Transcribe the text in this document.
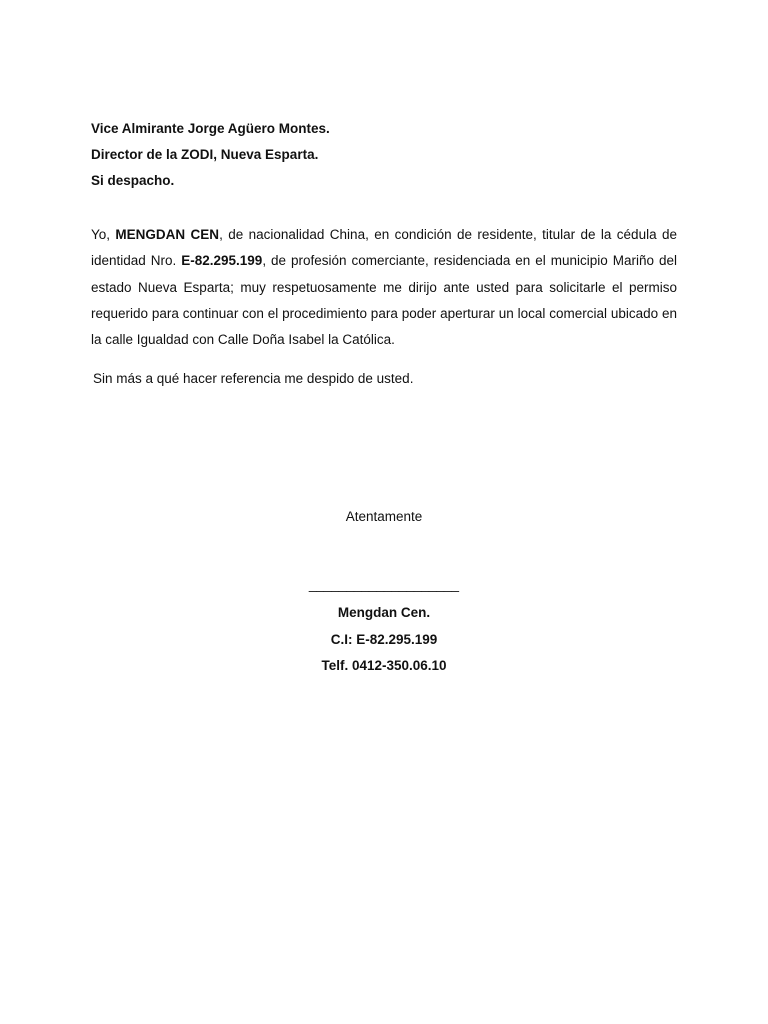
Vice Almirante Jorge Agüero Montes.
Director de la ZODI, Nueva Esparta.
Si despacho.
Yo, MENGDAN CEN, de nacionalidad China, en condición de residente, titular de la cédula de identidad Nro. E-82.295.199, de profesión comerciante, residenciada en el municipio Mariño del estado Nueva Esparta; muy respetuosamente me dirijo ante usted para solicitarle el permiso requerido para continuar con el procedimiento para poder aperturar un local comercial ubicado en la calle Igualdad con Calle Doña Isabel la Católica.
Sin más a qué hacer referencia me despido de usted.
Atentamente
____________________
Mengdan Cen.
C.I: E-82.295.199
Telf. 0412-350.06.10
